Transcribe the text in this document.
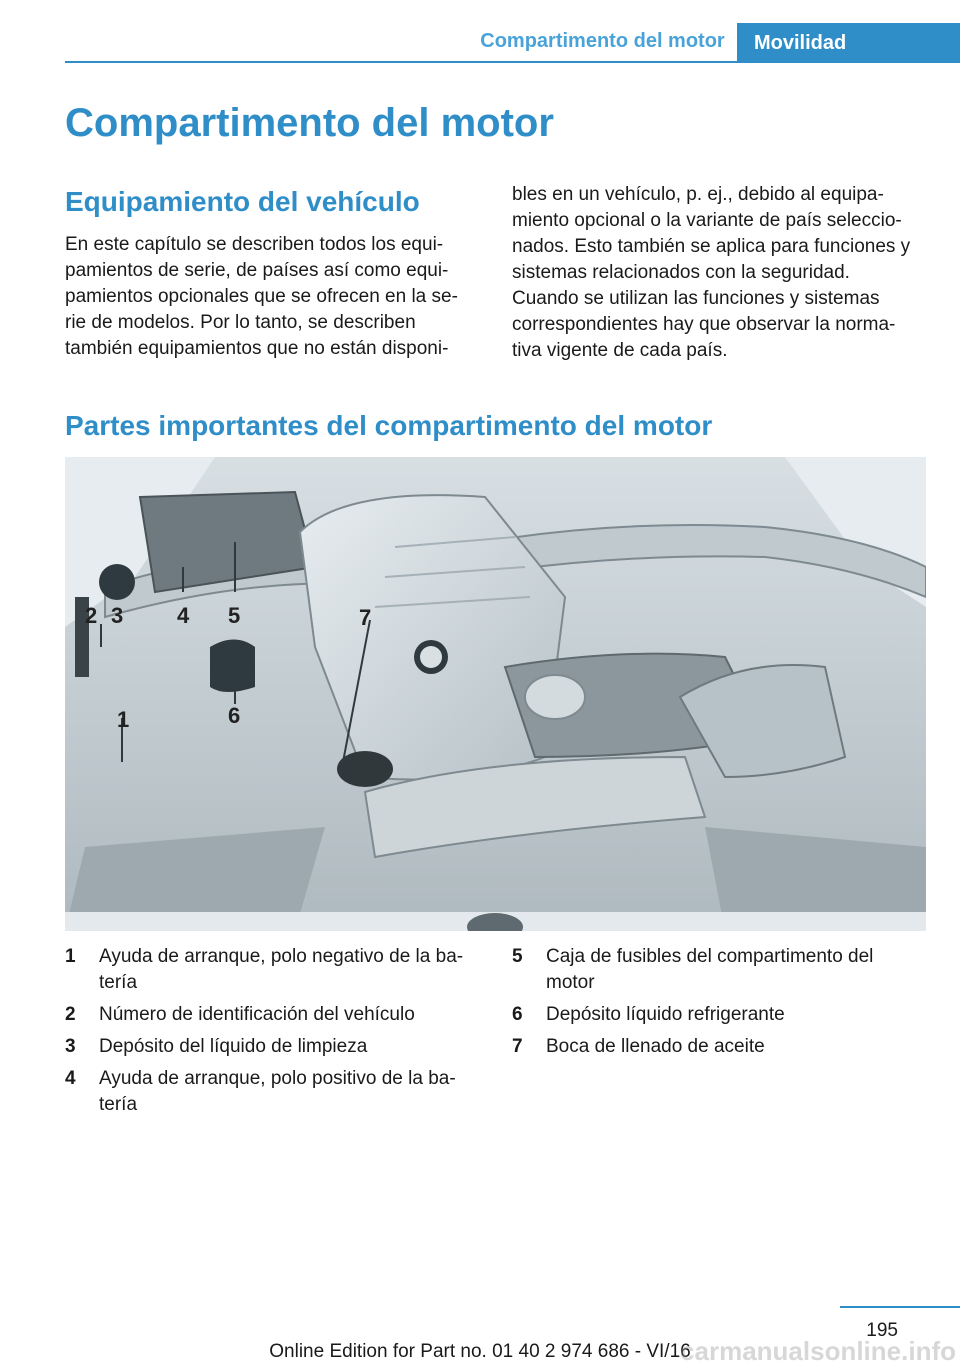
Compartimento del motor	Movilidad
Compartimento del motor
Equipamiento del vehículo

En este capítulo se describen todos los equi-
pamientos de serie, de países así como equi-
pamientos opcionales que se ofrecen en la se-
rie de modelos. Por lo tanto, se describen
también equipamientos que no están disponi-

bles en un vehículo, p. ej., debido al equipa-
miento opcional o la variante de país seleccio-
nados. Esto también se aplica para funciones y
sistemas relacionados con la seguridad.
Cuando se utilizan las funciones y sistemas
correspondientes hay que observar la norma-
tiva vigente de cada país.

Partes importantes del compartimento del motor
1
2 3 4 5
6
7
1 Ayuda de arranque, polo negativo de la ba-tería
2 Número de identificación del vehículo
3 Depósito del líquido de limpieza
4 Ayuda de arranque, polo positivo de la ba-tería
5 Caja de fusibles del compartimento del motor
6 Depósito líquido refrigerante
7 Boca de llenado de aceite
195
Online Edition for Part no. 01 40 2 974 686 - VI/16
carmanualsonline.info
